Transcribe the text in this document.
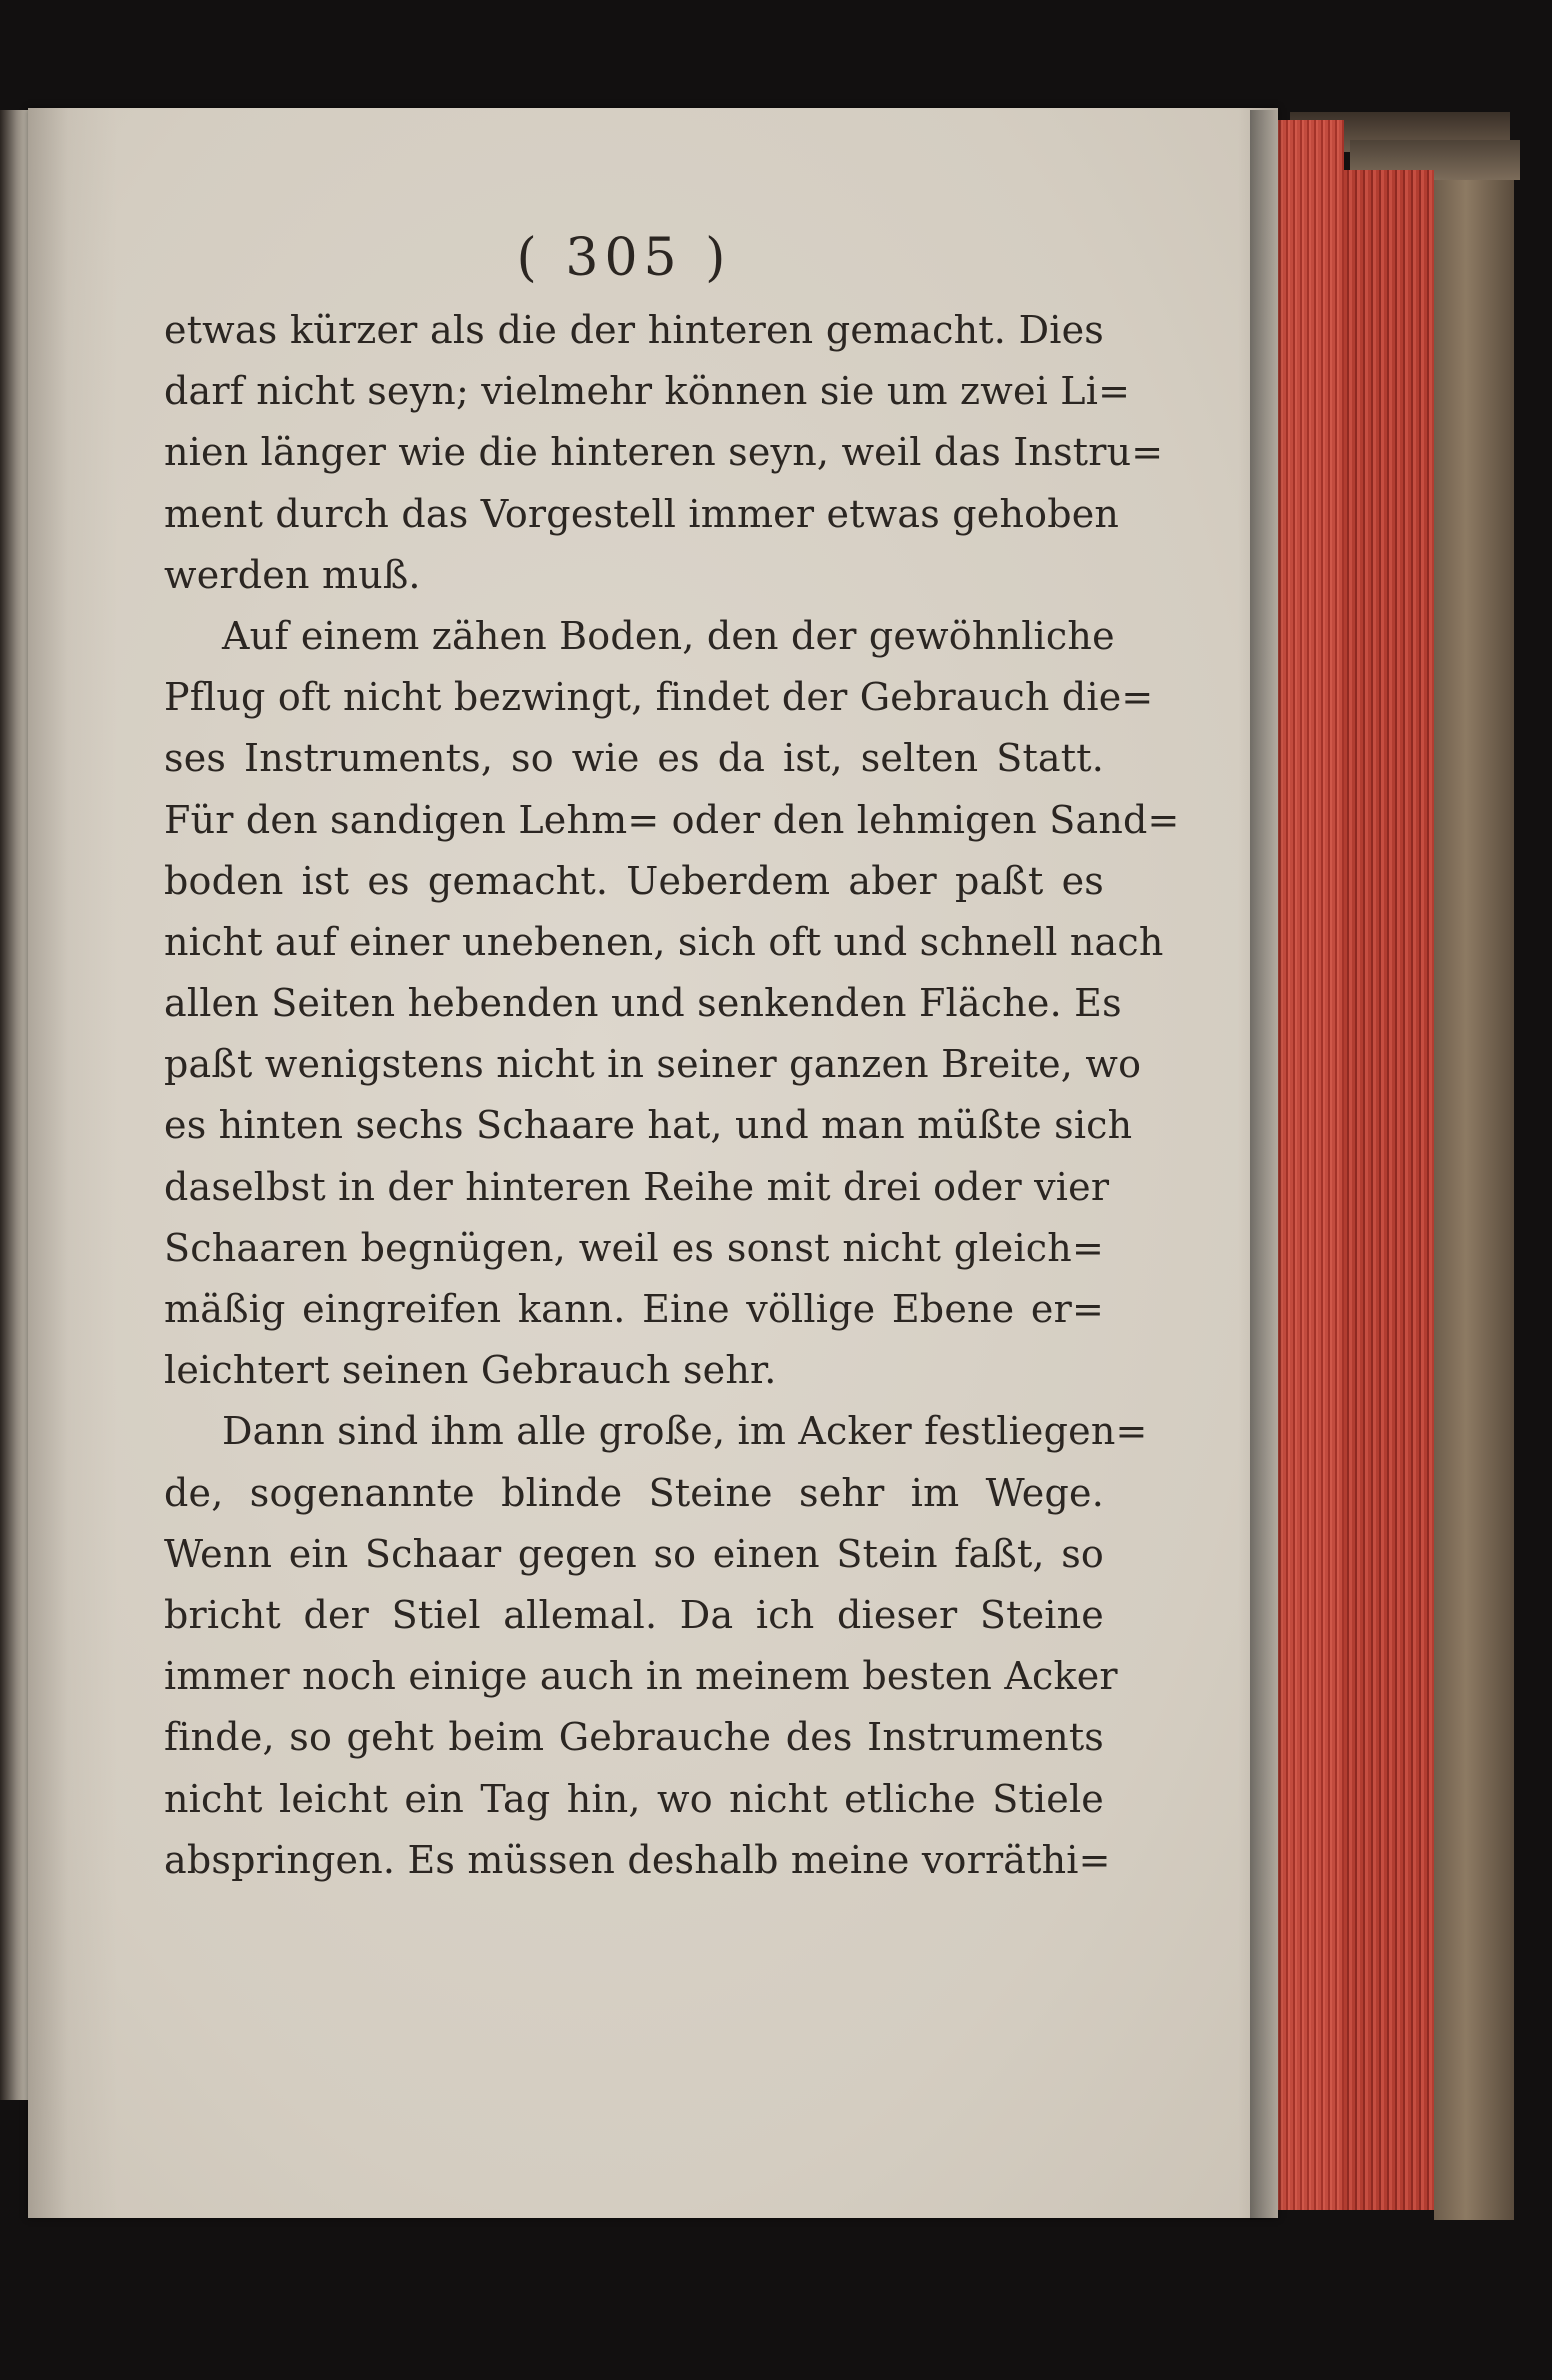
( 305 )
etwas kürzer als die der hinteren gemacht. Dies
darf nicht seyn; vielmehr können sie um zwei Li=
nien länger wie die hinteren seyn, weil das Instru=
ment durch das Vorgestell immer etwas gehoben
werden muß.
Auf einem zähen Boden, den der gewöhnliche
Pflug oft nicht bezwingt, findet der Gebrauch die=
ses Instruments, so wie es da ist, selten Statt.
Für den sandigen Lehm= oder den lehmigen Sand=
boden ist es gemacht. Ueberdem aber paßt es
nicht auf einer unebenen, sich oft und schnell nach
allen Seiten hebenden und senkenden Fläche. Es
paßt wenigstens nicht in seiner ganzen Breite, wo
es hinten sechs Schaare hat, und man müßte sich
daselbst in der hinteren Reihe mit drei oder vier
Schaaren begnügen, weil es sonst nicht gleich=
mäßig eingreifen kann. Eine völlige Ebene er=
leichtert seinen Gebrauch sehr.
Dann sind ihm alle große, im Acker festliegen=
de, sogenannte blinde Steine sehr im Wege.
Wenn ein Schaar gegen so einen Stein faßt, so
bricht der Stiel allemal. Da ich dieser Steine
immer noch einige auch in meinem besten Acker
finde, so geht beim Gebrauche des Instruments
nicht leicht ein Tag hin, wo nicht etliche Stiele
abspringen. Es müssen deshalb meine vorräthi=
